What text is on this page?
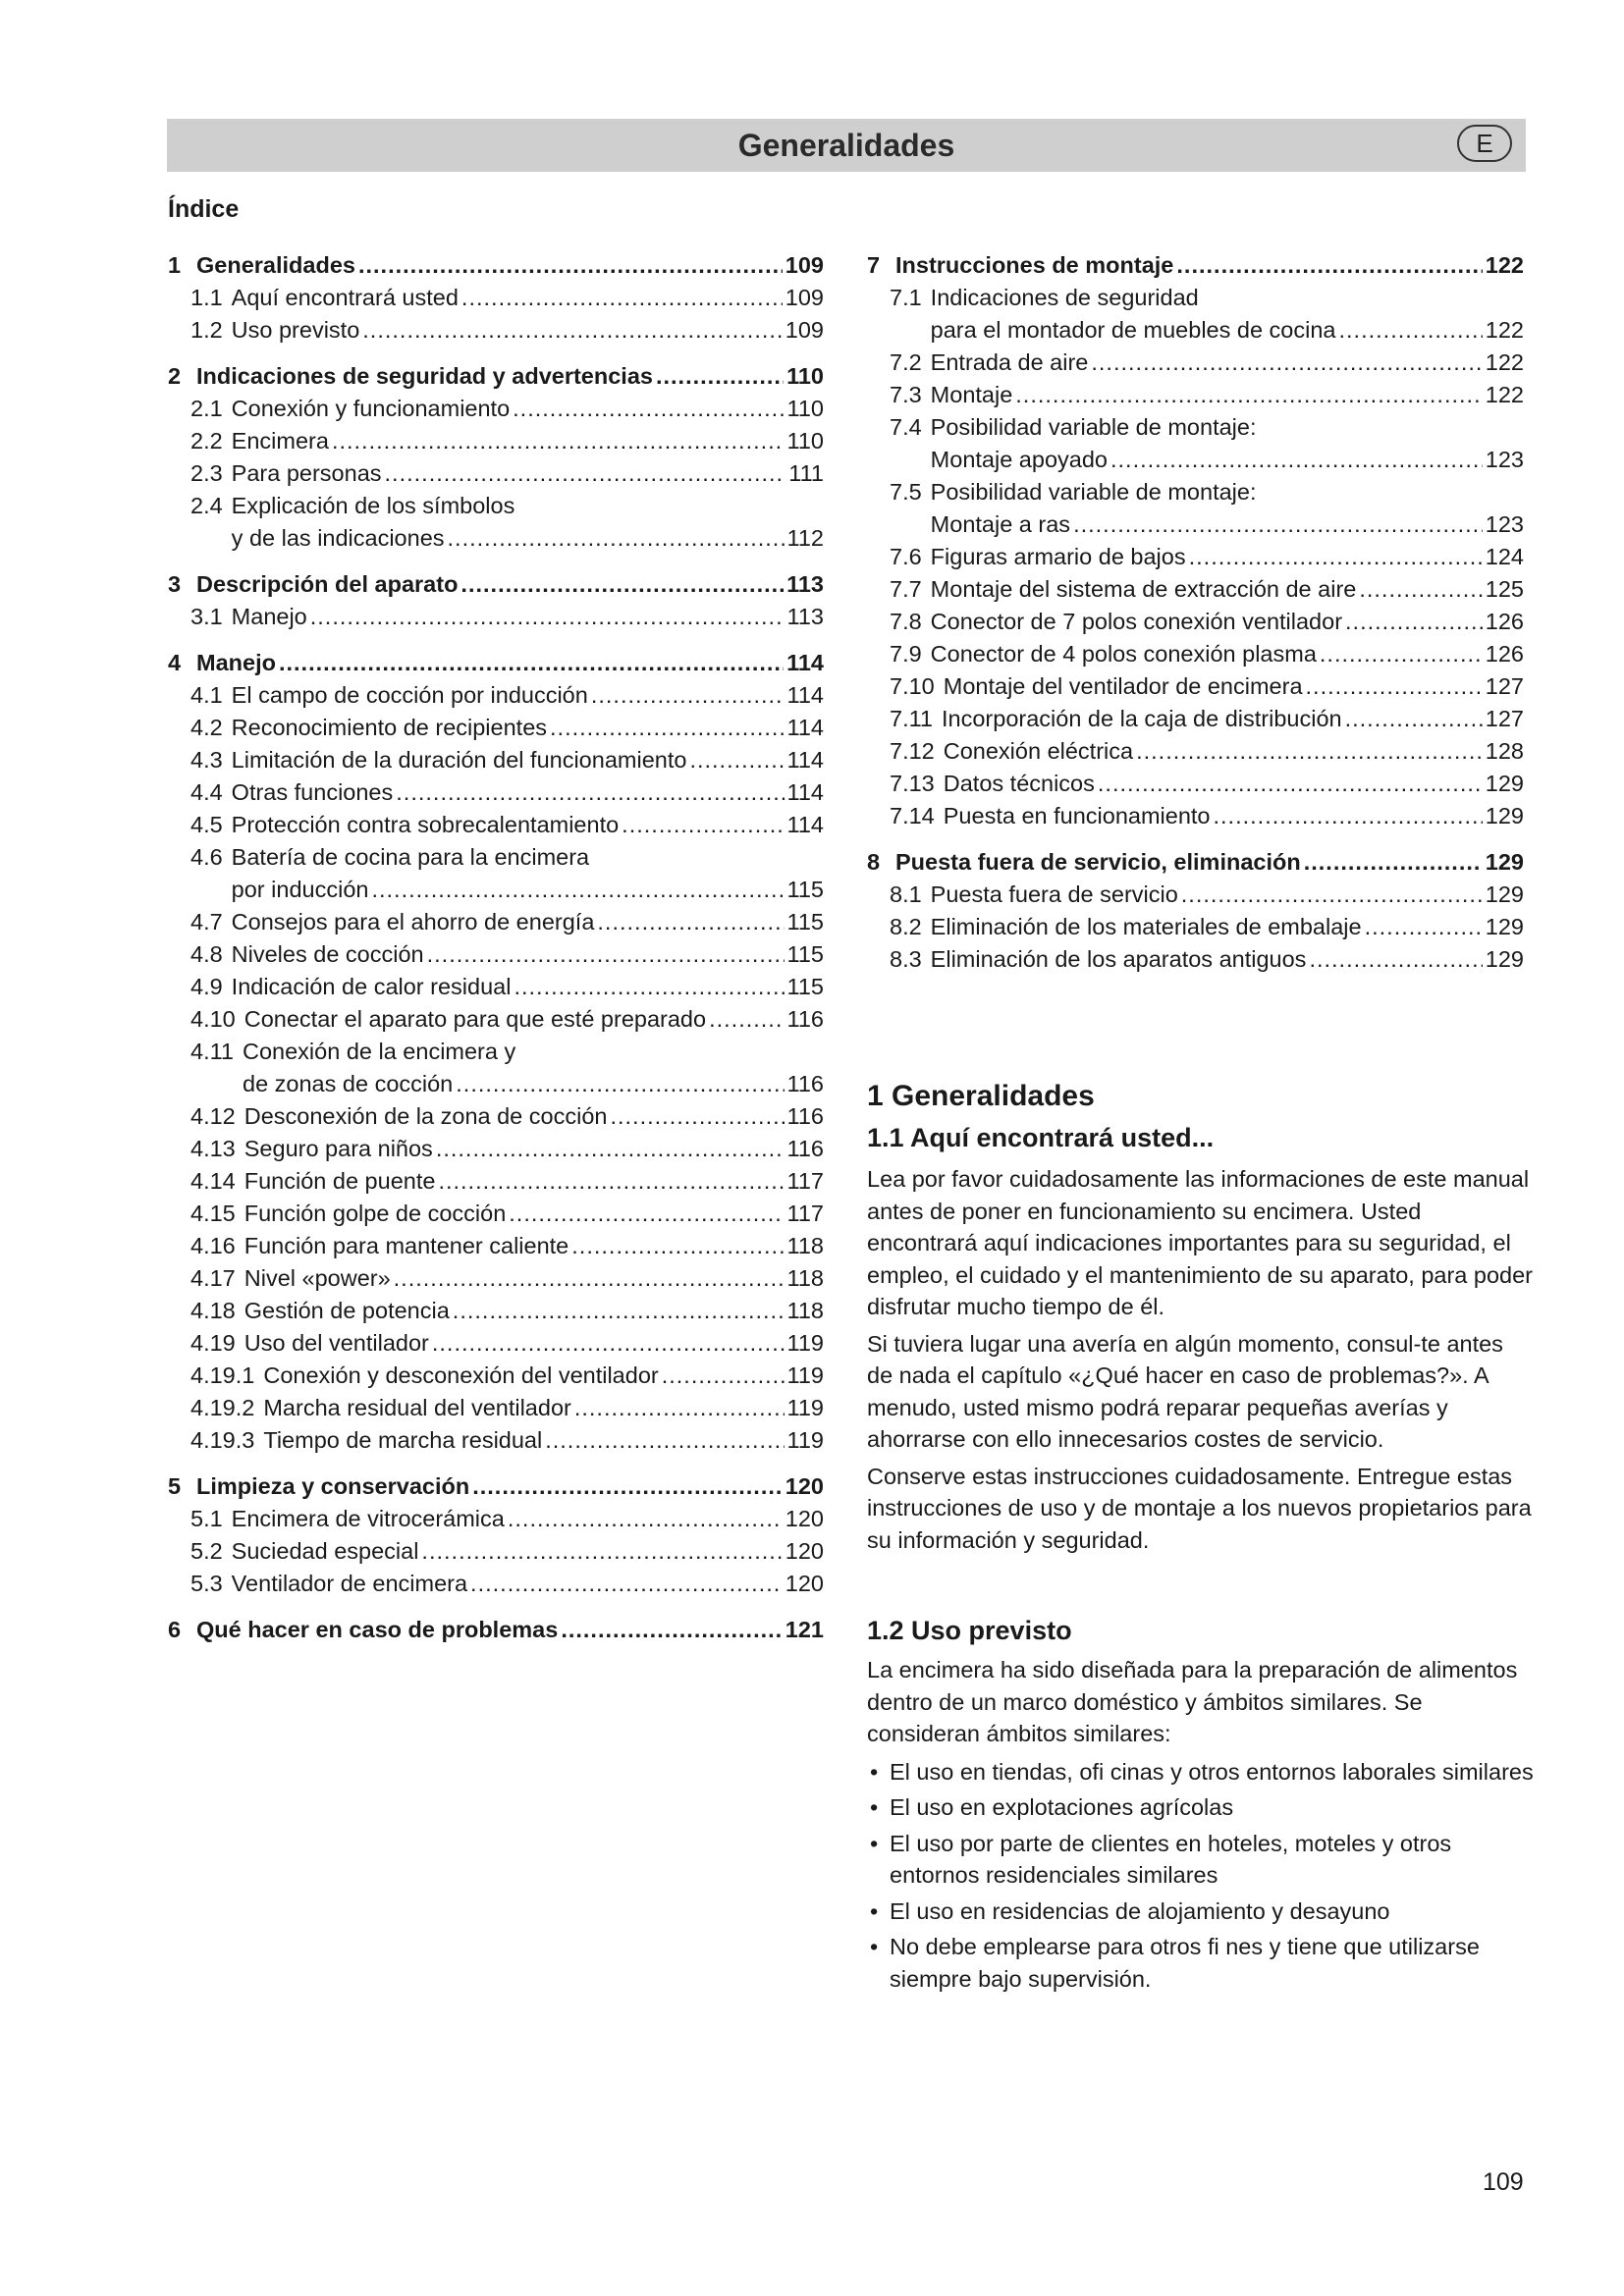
Generalidades	E
Índice
1 Generalidades .....	109
1.1 Aquí encontrará usted .....	109
1.2 Uso previsto .....	109
2 Indicaciones de seguridad y advertencias .....	110
2.1 Conexión y funcionamiento .....	110
2.2 Encimera .....	110
2.3 Para personas .....	111
2.4 Explicación de los símbolos
y de las indicaciones .....	112
3 Descripción del aparato .....	113
3.1 Manejo .....	113
4 Manejo .....	114
4.1 El campo de cocción por inducción .....	114
4.2 Reconocimiento de recipientes .....	114
4.3 Limitación de la duración del funcionamiento .....	114
4.4 Otras funciones .....	114
4.5 Protección contra sobrecalentamiento .....	114
4.6 Batería de cocina para la encimera
por inducción .....	115
4.7 Consejos para el ahorro de energía .....	115
4.8 Niveles de cocción .....	115
4.9 Indicación de calor residual .....	115
4.10 Conectar el aparato para que esté preparado .....	116
4.11 Conexión de la encimera y
de zonas de cocción .....	116
4.12 Desconexión de la zona de cocción .....	116
4.13 Seguro para niños .....	116
4.14 Función de puente .....	117
4.15 Función golpe de cocción .....	117
4.16 Función para mantener caliente .....	118
4.17 Nivel «power» .....	118
4.18 Gestión de potencia .....	118
4.19 Uso del ventilador .....	119
4.19.1 Conexión y desconexión del ventilador .....	119
4.19.2 Marcha residual del ventilador .....	119
4.19.3 Tiempo de marcha residual .....	119
5 Limpieza y conservación .....	120
5.1 Encimera de vitrocerámica .....	120
5.2 Suciedad especial .....	120
5.3 Ventilador de encimera .....	120
6 Qué hacer en caso de problemas .....	121
7 Instrucciones de montaje .....	122
7.1 Indicaciones de seguridad
para el montador de muebles de cocina .....	122
7.2 Entrada de aire .....	122
7.3 Montaje .....	122
7.4 Posibilidad variable de montaje:
Montaje apoyado .....	123
7.5 Posibilidad variable de montaje:
Montaje a ras .....	123
7.6 Figuras armario de bajos .....	124
7.7 Montaje del sistema de extracción de aire .....	125
7.8 Conector de 7 polos conexión ventilador .....	126
7.9 Conector de 4 polos conexión plasma .....	126
7.10 Montaje del ventilador de encimera .....	127
7.11 Incorporación de la caja de distribución .....	127
7.12 Conexión eléctrica .....	128
7.13 Datos técnicos .....	129
7.14 Puesta en funcionamiento .....	129
8 Puesta fuera de servicio, eliminación .....	129
8.1 Puesta fuera de servicio .....	129
8.2 Eliminación de los materiales de embalaje .....	129
8.3 Eliminación de los aparatos antiguos .....	129
1 Generalidades
1.1 Aquí encontrará usted...

Lea por favor cuidadosamente las informaciones de este manual antes de poner en funcionamiento su encimera. Usted encontrará aquí indicaciones importantes para su seguridad, el empleo, el cuidado y el mantenimiento de su aparato, para poder disfrutar mucho tiempo de él.

Si tuviera lugar una avería en algún momento, consul-te antes de nada el capítulo «¿Qué hacer en caso de problemas?». A menudo, usted mismo podrá reparar pequeñas averías y ahorrarse con ello innecesarios costes de servicio.

Conserve estas instrucciones cuidadosamente. Entregue estas instrucciones de uso y de montaje a los nuevos propietarios para su información y seguridad.

1.2 Uso previsto

La encimera ha sido diseñada para la preparación de alimentos dentro de un marco doméstico y ámbitos similares. Se consideran ámbitos similares:

• El uso en tiendas, ofi cinas y otros entornos laborales similares
• El uso en explotaciones agrícolas
• El uso por parte de clientes en hoteles, moteles y otros entornos residenciales similares
• El uso en residencias de alojamiento y desayuno
• No debe emplearse para otros fi nes y tiene que utilizarse siempre bajo supervisión.
109
